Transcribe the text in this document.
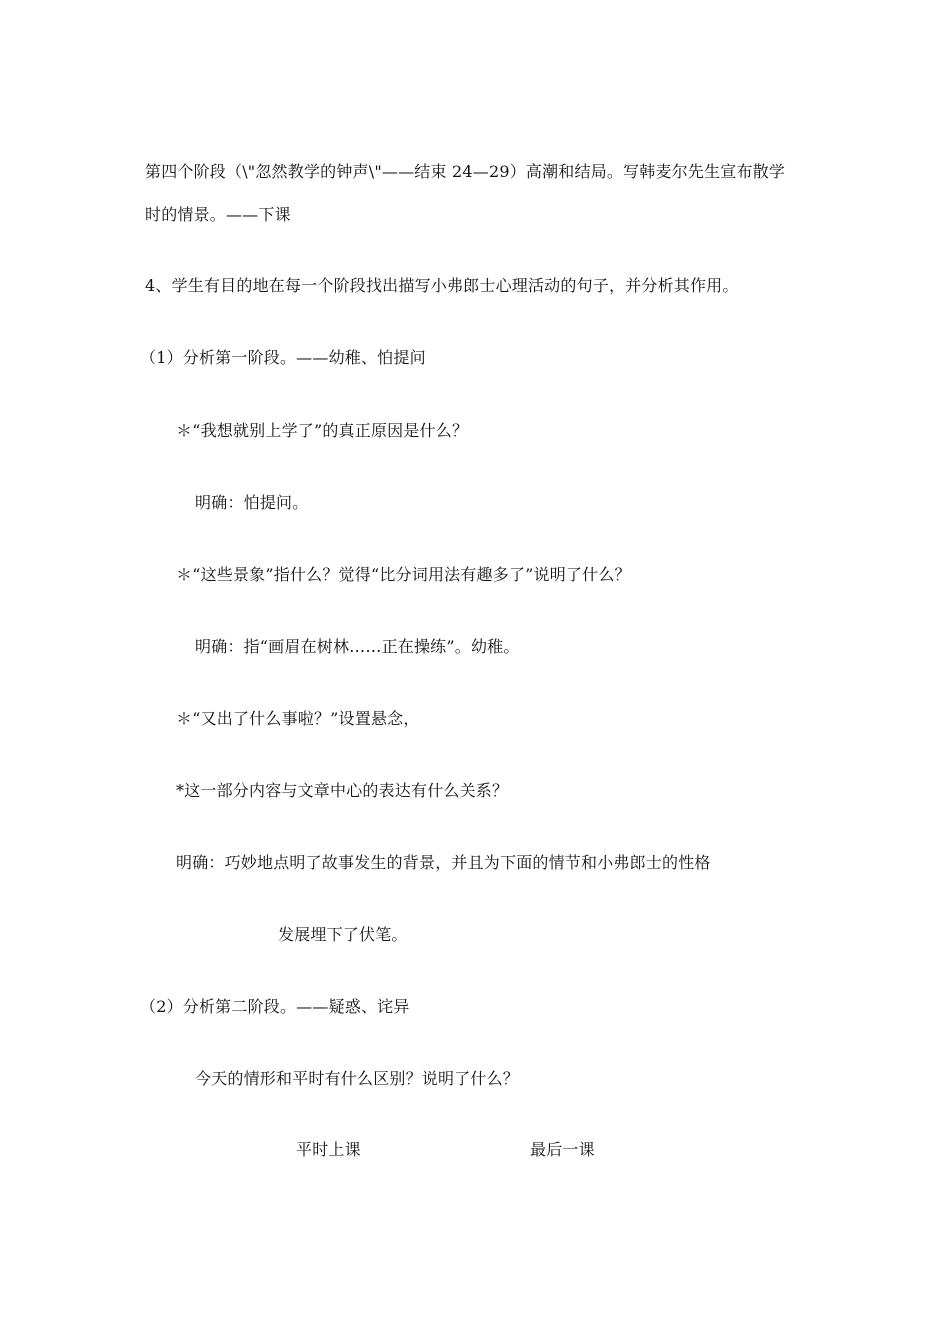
第四个阶段（\"忽然教学的钟声\"——结束 24—29）高潮和结局。写韩麦尔先生宣布散学
时的情景。——下课
4、学生有目的地在每一个阶段找出描写小弗郎士心理活动的句子，并分析其作用。
（1）分析第一阶段。——幼稚、怕提问
＊“我想就别上学了”的真正原因是什么？
明确：怕提问。
＊“这些景象”指什么？觉得“比分词用法有趣多了”说明了什么？
明确：指“画眉在树林……正在操练”。幼稚。
＊“又出了什么事啦？”设置悬念，
*这一部分内容与文章中心的表达有什么关系？
明确：巧妙地点明了故事发生的背景，并且为下面的情节和小弗郎士的性格
发展埋下了伏笔。
（2）分析第二阶段。——疑惑、诧异
今天的情形和平时有什么区别？说明了什么？
平时上课	最后一课
